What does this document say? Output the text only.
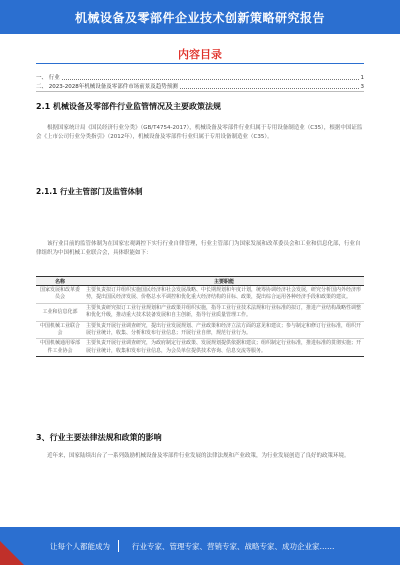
机械设备及零部件企业技术创新策略研究报告
内容目录
一、 行业	1
二、 2023-2028年机械设备及零部件市场前景及趋势预测	3
2.1 机械设备及零部件行业监管情况及主要政策法规
根据国家统计局《国民经济行业分类》（GB/T4754-2017），机械设备及零部件行业归属于专用设备制造业（C35），根据中国证监会《上市公司行业分类指引》（2012年），机械设备及零部件行业归属于专用设备制造业（C35）。
2.1.1 行业主管部门及监管体制
该行业目前的监管体制为在国家宏观调控下实行行业自律管理，行业主管部门为国家发展和改革委员会和工业和信息化部，行业自律组织为中国机械工业联合会，具体职能如下：
名称	主要职能
国家发展和改革委员会	主要负责拟订并组织实施国民经济和社会发展战略、中长期规划和年度计划，统筹协调经济社会发展，研究分析国内外经济形势，提出国民经济发展、价格总水平调控和优化重大经济结构的目标、政策，提出综合运用各种经济手段和政策的建议。
工业和信息化部	主要负责研究拟订工业行业规划和产业政策并组织实施，指导工业行业技术法规和行业标准的拟订，推进产业结构战略性调整和优化升级，推动重大技术装备发展和自主创新，指导行业质量管理工作。
中国机械工业联合会	主要负责开展行业调查研究，提出行业发展规划、产业政策和经济立法方面的意见和建议；参与制定和修订行业标准，组织开展行业统计，收集、分析和发布行业信息；开展行业自律，规范行业行为。
中国机械通用零部件工业协会	主要负责开展行业调查研究，为政府制定行业政策、发展规划提供依据和建议；组织制定行业标准，推进标准的贯彻实施；开展行业统计，收集和发布行业信息，为会员单位提供技术咨询、信息交流等服务。
3、行业主要法律法规和政策的影响
近年来，国家陆续出台了一系列鼓励机械设备及零部件行业发展的法律法规和产业政策，为行业发展创造了良好的政策环境。
让每个人都能成为	行业专家、管理专家、营销专家、战略专家、成功企业家……
